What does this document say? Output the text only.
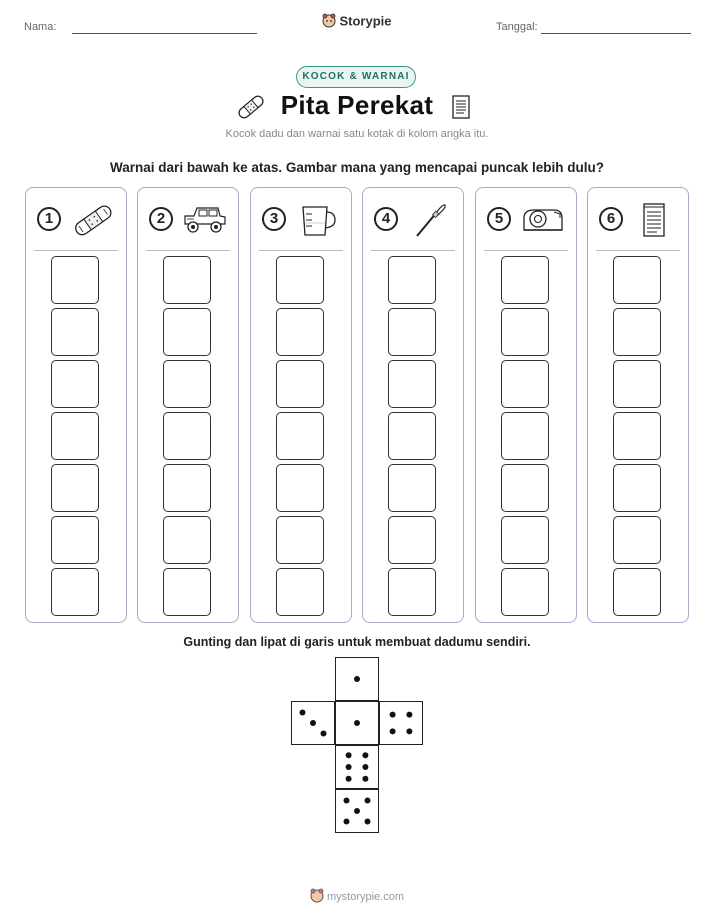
Nama:	Storypie	Tanggal:
KOCOK & WARNAI
Pita Perekat
Kocok dadu dan warnai satu kotak di kolom angka itu.
Warnai dari bawah ke atas. Gambar mana yang mencapai puncak lebih dulu?
1	2	3	4	5	6
Gunting dan lipat di garis untuk membuat dadumu sendiri.
mystorypie.com
